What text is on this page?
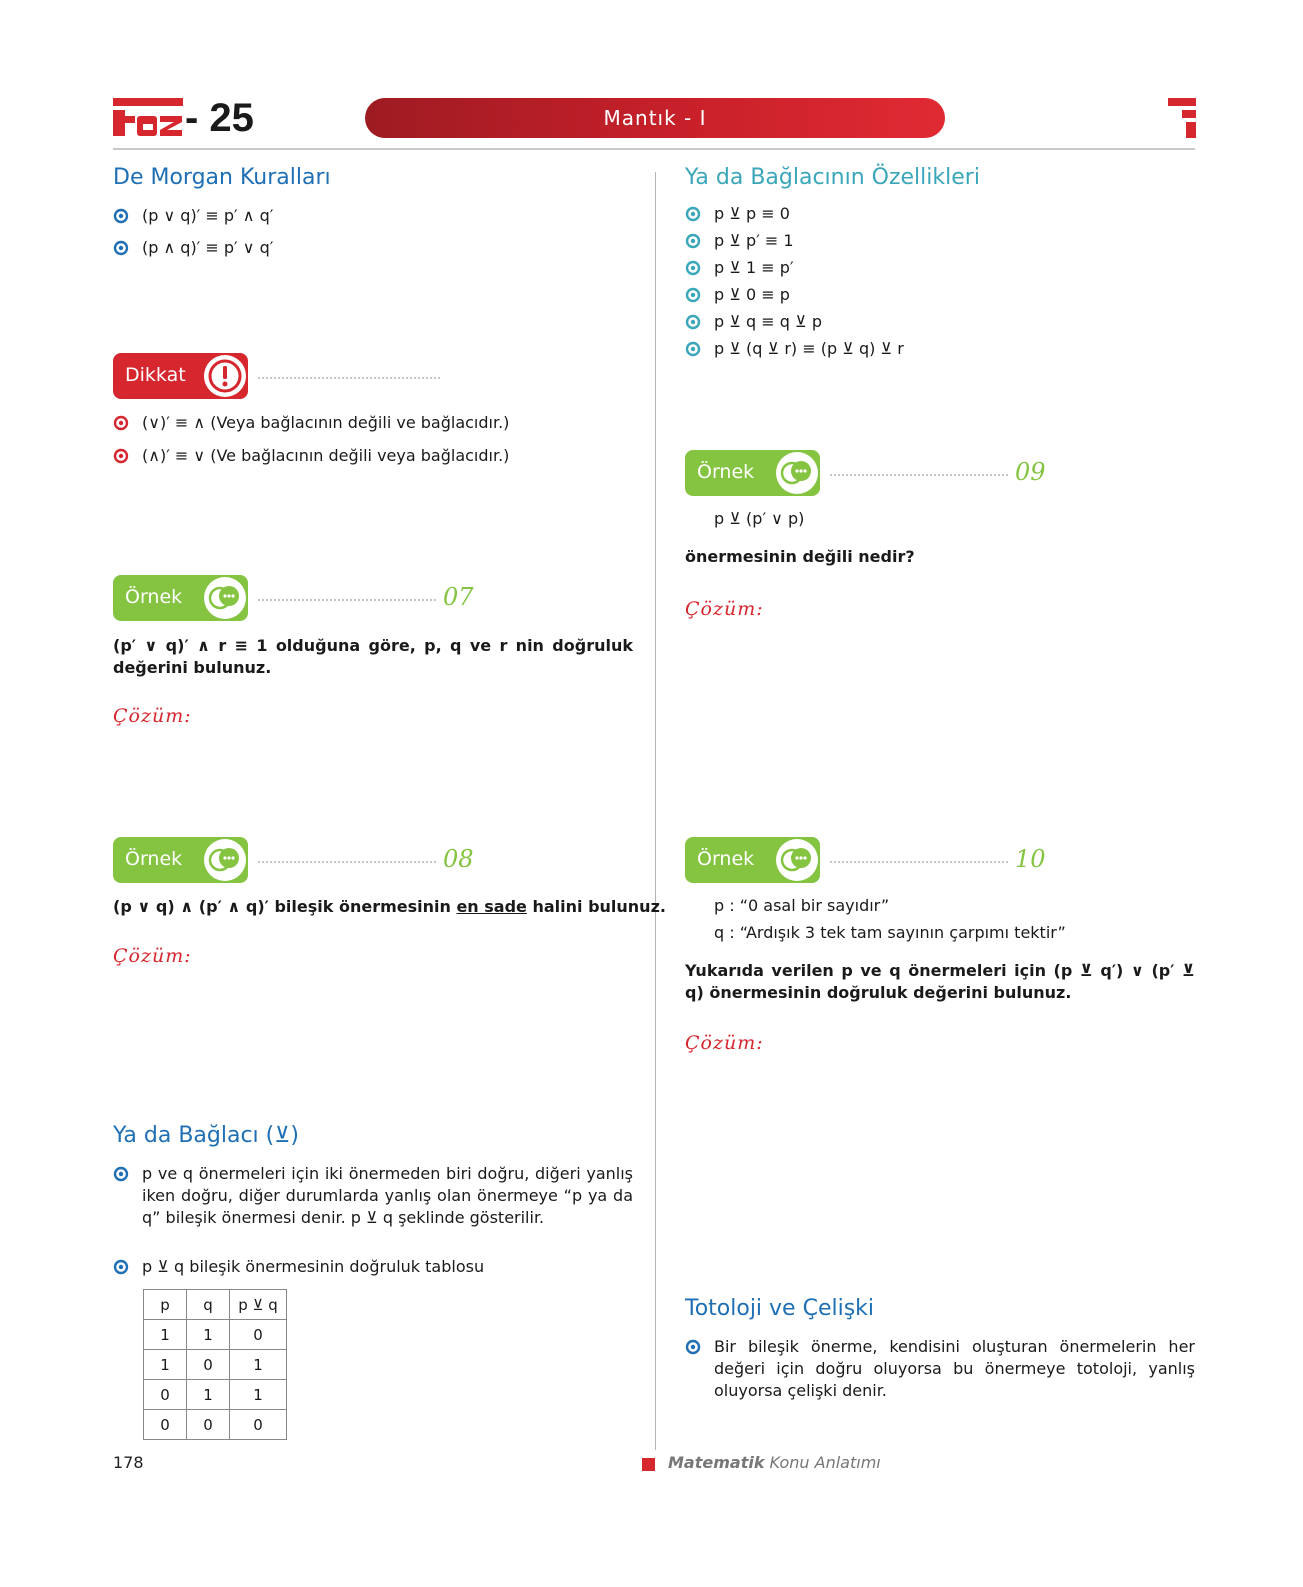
- 25	Mantık - I
De Morgan Kuralları
(p ∨ q)′ ≡ p′ ∧ q′
(p ∧ q)′ ≡ p′ ∨ q′
Dikkat
(∨)′ ≡ ∧ (Veya bağlacının değili ve bağlacıdır.)
(∧)′ ≡ ∨ (Ve bağlacının değili veya bağlacıdır.)
Örnek	07
(p′ ∨ q)′ ∧ r ≡ 1 olduğuna göre, p, q ve r nin doğruluk değerini bulunuz.
Çözüm:
Örnek	08
(p ∨ q) ∧ (p′ ∧ q)′ bileşik önermesinin en sade halini bulunuz.
Çözüm:
Ya da Bağlacı (⊻)
p ve q önermeleri için iki önermeden biri doğru, diğeri yanlış iken doğru, diğer durumlarda yanlış olan önermeye “p ya da q” bileşik önermesi denir. p ⊻ q şeklinde gösterilir.
p ⊻ q bileşik önermesinin doğruluk tablosu
p	q	p ⊻ q
1	1	0
1	0	1
0	1	1
0	0	0
Ya da Bağlacının Özellikleri
p ⊻ p ≡ 0
p ⊻ p′ ≡ 1
p ⊻ 1 ≡ p′
p ⊻ 0 ≡ p
p ⊻ q ≡ q ⊻ p
p ⊻ (q ⊻ r) ≡ (p ⊻ q) ⊻ r
Örnek	09
p ⊻ (p′ ∨ p)
önermesinin değili nedir?
Çözüm:
Örnek	10
p : “0 asal bir sayıdır”
q : “Ardışık 3 tek tam sayının çarpımı tektir”
Yukarıda verilen p ve q önermeleri için (p ⊻ q′) ∨ (p′ ⊻ q) önermesinin doğruluk değerini bulunuz.
Çözüm:
Totoloji ve Çelişki
Bir bileşik önerme, kendisini oluşturan önermelerin her değeri için doğru oluyorsa bu önermeye totoloji, yanlış oluyorsa çelişki denir.
178	Matematik Konu Anlatımı
